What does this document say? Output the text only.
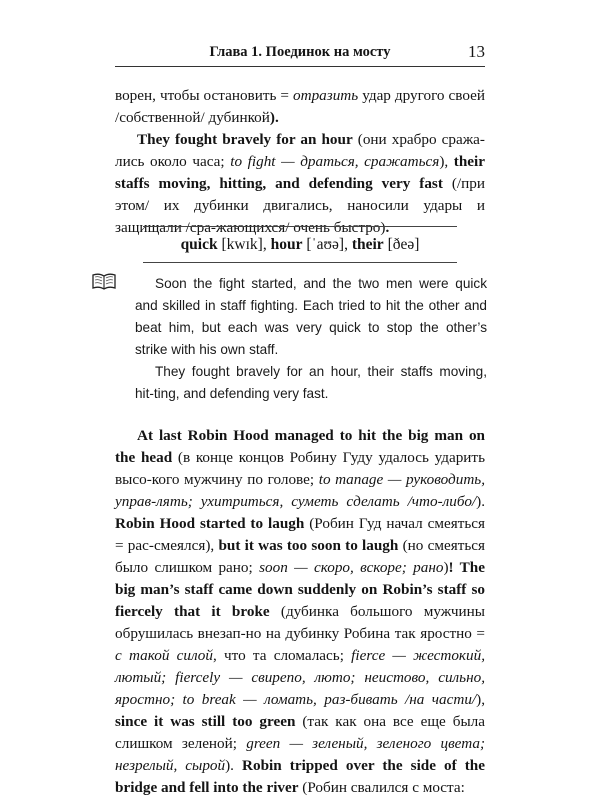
Глава 1. Поединок на мосту	13

ворен, чтобы остановить = отразить удар другого своей /собственной/ дубинкой).

They fought bravely for an hour (они храбро сража-лись около часа; to fight — драться, сражаться), their staffs moving, hitting, and defending very fast (/при этом/ их дубинки двигались, наносили удары и защищали /сра-жающихся/ очень быстро).

quick [kwɪk], hour [ˈaʊə], their [ðeə]

Soon the fight started, and the two men were quick and skilled in staff fighting. Each tried to hit the other and beat him, but each was very quick to stop the other’s strike with his own staff.

They fought bravely for an hour, their staffs moving, hit-ting, and defending very fast.

At last Robin Hood managed to hit the big man on the head (в конце концов Робину Гуду удалось ударить высо-кого мужчину по голове; to manage — руководить, управ-лять; ухитриться, суметь сделать /что-либо/). Robin Hood started to laugh (Робин Гуд начал смеяться = рас-смеялся), but it was too soon to laugh (но смеяться было слишком рано; soon — скоро, вскоре; рано)! The big man’s staff came down suddenly on Robin’s staff so fiercely that it broke (дубинка большого мужчины обрушилась внезап-но на дубинку Робина так яростно = с такой силой, что та сломалась; fierce — жестокий, лютый; fiercely — свирепо, люто; неистово, сильно, яростно; to break — ломать, раз-бивать /на части/), since it was still too green (так как она все еще была слишком зеленой; green — зеленый, зеленого цвета; незрелый, сырой). Robin tripped over the side of the bridge and fell into the river (Робин свалился с моста:
